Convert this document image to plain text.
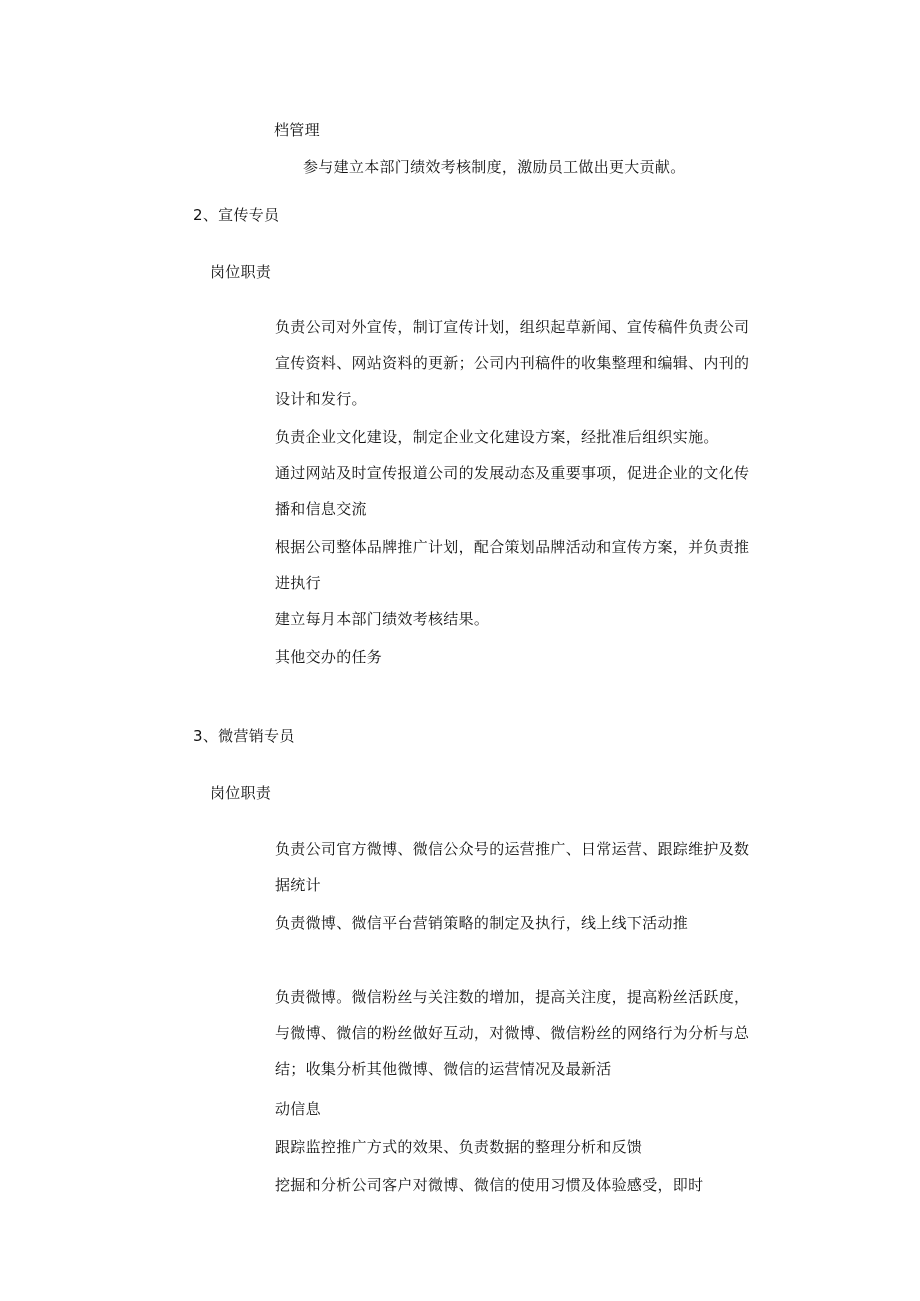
档管理
参与建立本部门绩效考核制度，激励员工做出更大贡献。
2、宣传专员
岗位职责
负责公司对外宣传，制订宣传计划，组织起草新闻、宣传稿件负责公司
宣传资料、网站资料的更新；公司内刊稿件的收集整理和编辑、内刊的
设计和发行。
负责企业文化建设，制定企业文化建设方案，经批准后组织实施。
通过网站及时宣传报道公司的发展动态及重要事项，促进企业的文化传
播和信息交流
根据公司整体品牌推广计划，配合策划品牌活动和宣传方案，并负责推
进执行
建立每月本部门绩效考核结果。
其他交办的任务
3、微营销专员
岗位职责
负责公司官方微博、微信公众号的运营推广、日常运营、跟踪维护及数
据统计
负责微博、微信平台营销策略的制定及执行，线上线下活动推
负责微博。微信粉丝与关注数的增加，提高关注度，提高粉丝活跃度，
与微博、微信的粉丝做好互动，对微博、微信粉丝的网络行为分析与总
结；收集分析其他微博、微信的运营情况及最新活
动信息
跟踪监控推广方式的效果、负责数据的整理分析和反馈
挖掘和分析公司客户对微博、微信的使用习惯及体验感受，即时
